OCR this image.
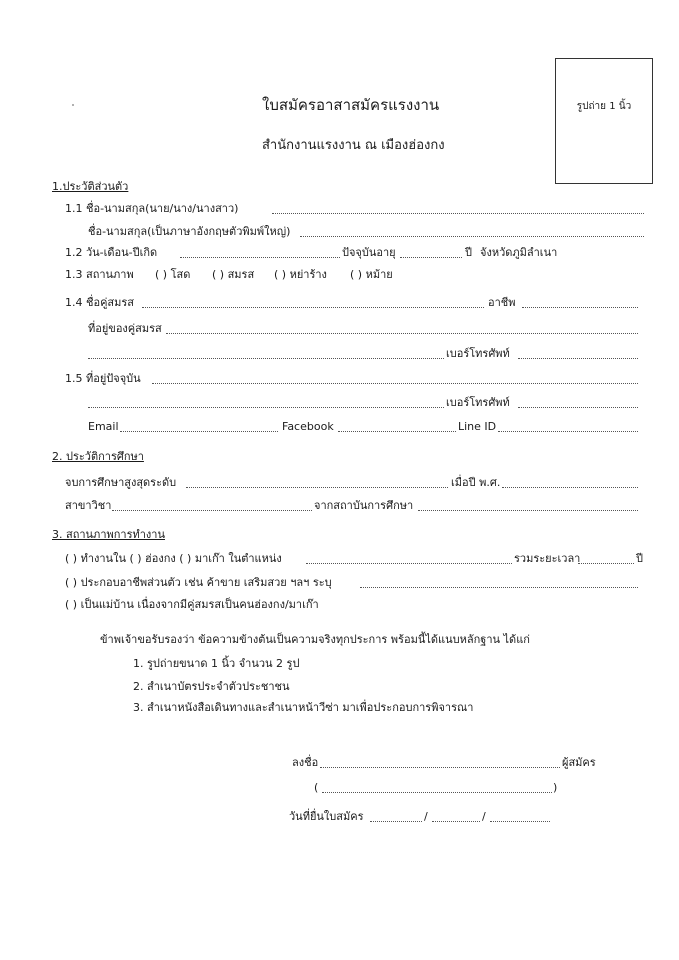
รูปถ่าย 1 นิ้ว
ใบสมัครอาสาสมัครแรงงาน
สำนักงานแรงงาน ณ เมืองฮ่องกง
1.ประวัติส่วนตัว
1.1 ชื่อ-นามสกุล(นาย/นาง/นางสาว)
ชื่อ-นามสกุล(เป็นภาษาอังกฤษตัวพิมพ์ใหญ่)
1.2 วัน-เดือน-ปีเกิด	ปัจจุบันอายุ	ปี จังหวัดภูมิลำเนา
1.3 สถานภาพ ( ) โสด ( ) สมรส ( ) หย่าร้าง ( ) หม้าย
1.4 ชื่อคู่สมรส	อาชีพ
ที่อยู่ของคู่สมรส
เบอร์โทรศัพท์
1.5 ที่อยู่ปัจจุบัน
เบอร์โทรศัพท์
Email	Facebook	Line ID
2. ประวัติการศึกษา
จบการศึกษาสูงสุดระดับ	เมื่อปี พ.ศ.
สาขาวิชา	จากสถาบันการศึกษา
3. สถานภาพการทำงาน
( ) ทำงานใน ( ) ฮ่องกง ( ) มาเก๊า ในตำแหน่ง	รวมระยะเวลา	ปี
( ) ประกอบอาชีพส่วนตัว เช่น ค้าขาย เสริมสวย ฯลฯ ระบุ
( ) เป็นแม่บ้าน เนื่องจากมีคู่สมรสเป็นคนฮ่องกง/มาเก๊า
ข้าพเจ้าขอรับรองว่า ข้อความข้างต้นเป็นความจริงทุกประการ พร้อมนี้ได้แนบหลักฐาน ได้แก่
1. รูปถ่ายขนาด 1 นิ้ว จำนวน 2 รูป
2. สำเนาบัตรประจำตัวประชาชน
3. สำเนาหนังสือเดินทางและสำเนาหน้าวีซ่า มาเพื่อประกอบการพิจารณา
ลงชื่อ	ผู้สมัคร
(	)
วันที่ยื่นใบสมัคร	/	/
